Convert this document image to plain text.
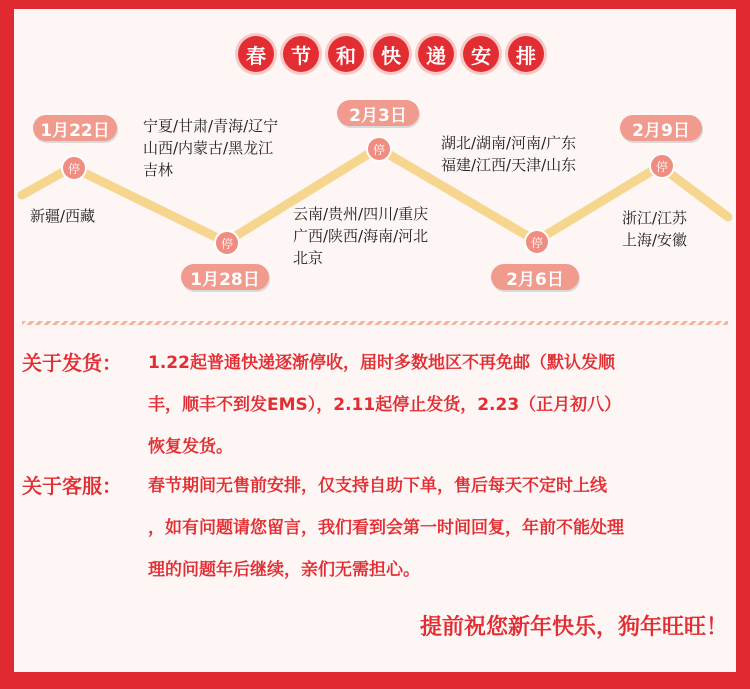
春	节	和	快	递	安	排
1月22日
1月28日
2月3日
2月6日
2月9日
停
停
停
停
停
新疆/西藏
宁夏/甘肃/青海/辽宁
山西/内蒙古/黑龙江
吉林
云南/贵州/四川/重庆
广西/陕西/海南/河北
北京
湖北/湖南/河南/广东
福建/江西/天津/山东
浙江/江苏
上海/安徽
关于发货： 1.22起普通快递逐渐停收，届时多数地区不再免邮（默认发顺
丰，顺丰不到发EMS），2.11起停止发货，2.23（正月初八）
恢复发货。
关于客服： 春节期间无售前安排，仅支持自助下单，售后每天不定时上线
，如有问题请您留言，我们看到会第一时间回复，年前不能处理
理的问题年后继续，亲们无需担心。
提前祝您新年快乐，狗年旺旺！
